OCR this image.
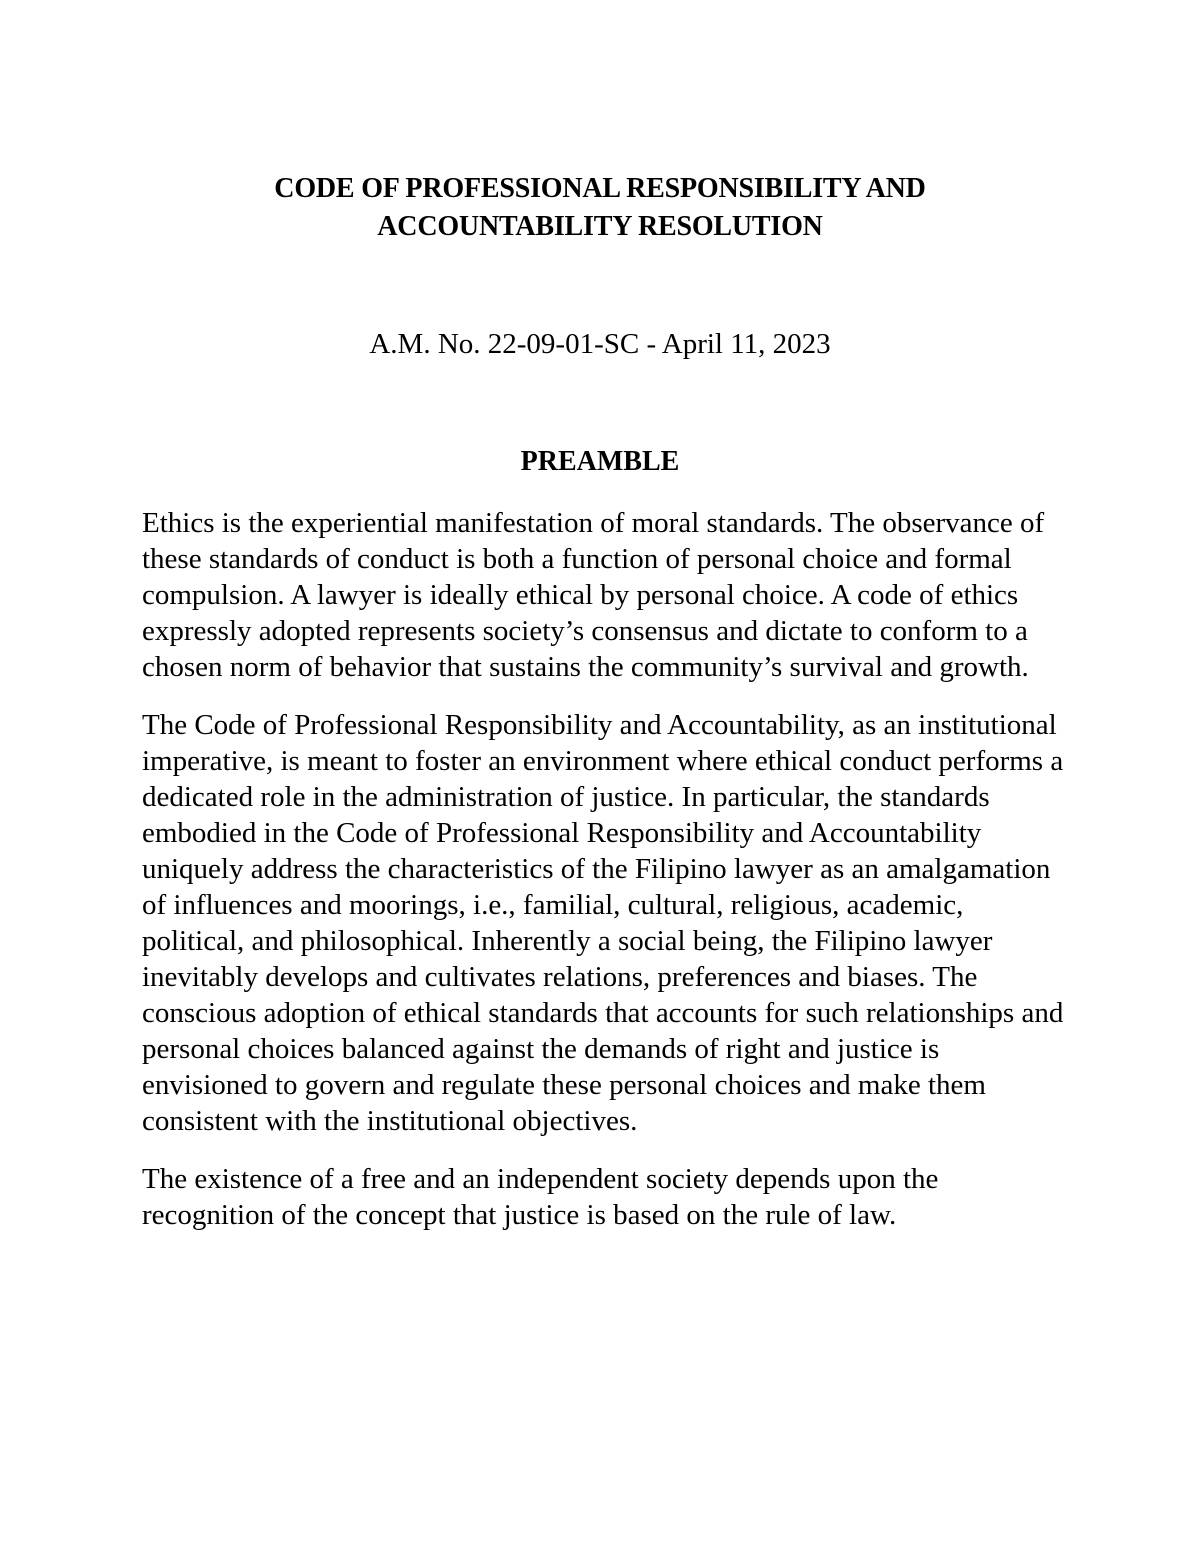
CODE OF PROFESSIONAL RESPONSIBILITY AND
ACCOUNTABILITY RESOLUTION
A.M. No. 22-09-01-SC - April 11, 2023
PREAMBLE

Ethics is the experiential manifestation of moral standards. The observance of these standards of conduct is both a function of personal choice and formal compulsion. A lawyer is ideally ethical by personal choice. A code of ethics expressly adopted represents society’s consensus and dictate to conform to a chosen norm of behavior that sustains the community’s survival and growth.

The Code of Professional Responsibility and Accountability, as an institutional imperative, is meant to foster an environment where ethical conduct performs a dedicated role in the administration of justice. In particular, the standards embodied in the Code of Professional Responsibility and Accountability uniquely address the characteristics of the Filipino lawyer as an amalgamation of influences and moorings, i.e., familial, cultural, religious, academic, political, and philosophical. Inherently a social being, the Filipino lawyer inevitably develops and cultivates relations, preferences and biases. The conscious adoption of ethical standards that accounts for such relationships and personal choices balanced against the demands of right and justice is envisioned to govern and regulate these personal choices and make them consistent with the institutional objectives.

The existence of a free and an independent society depends upon the recognition of the concept that justice is based on the rule of law.
